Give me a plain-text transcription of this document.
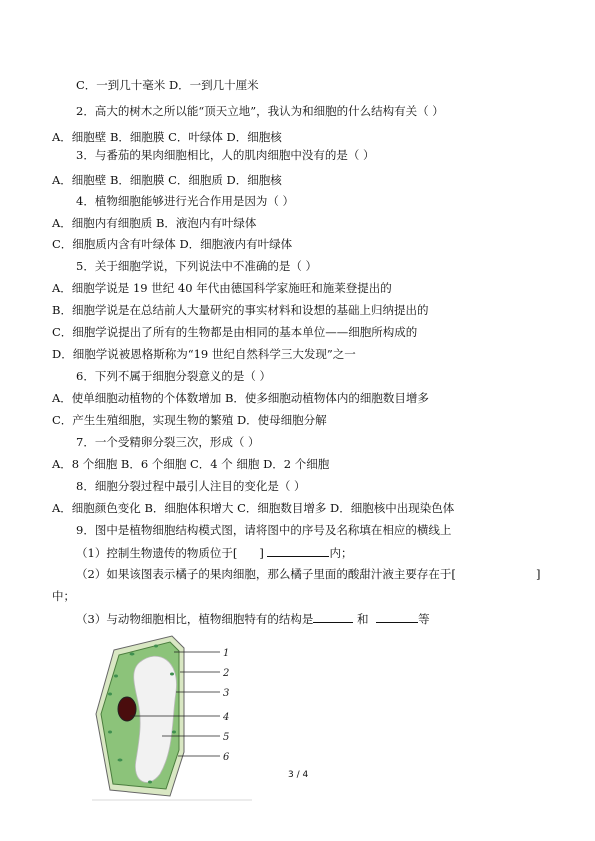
C．一到几十毫米 D．一到几十厘米
2．高大的树木之所以能“顶天立地”，我认为和细胞的什么结构有关（ ）
A．细胞壁 B．细胞膜 C．叶绿体 D．细胞核
3．与番茄的果肉细胞相比，人的肌肉细胞中没有的是（ ）
A．细胞壁 B．细胞膜 C．细胞质 D．细胞核
4．植物细胞能够进行光合作用是因为（ ）
A．细胞内有细胞质 B．液泡内有叶绿体
C．细胞质内含有叶绿体 D．细胞液内有叶绿体
5．关于细胞学说，下列说法中不准确的是（ ）
A．细胞学说是 19 世纪 40 年代由德国科学家施旺和施莱登提出的
B．细胞学说是在总结前人大量研究的事实材料和设想的基础上归纳提出的
C．细胞学说提出了所有的生物都是由相同的基本单位——细胞所构成的
D．细胞学说被恩格斯称为“19 世纪自然科学三大发现”之一
6．下列不属于细胞分裂意义的是（ ）
A．使单细胞动植物的个体数增加 B．使多细胞动植物体内的细胞数目增多
C．产生生殖细胞，实现生物的繁殖 D．使母细胞分解
7．一个受精卵分裂三次，形成（ ）
A．8 个细胞 B．6 个细胞 C．4 个 细胞 D．2 个细胞
8．细胞分裂过程中最引人注目的变化是（ ）
A．细胞颜色变化 B．细胞体积增大 C．细胞数目增多 D．细胞核中出现染色体
9．图中是植物细胞结构模式图，请将图中的序号及名称填在相应的横线上
（1）控制生物遗传的物质位于[ ]	内；
（2）如果该图表示橘子的果肉细胞，那么橘子里面的酸甜汁液主要存在于[	]
中；
（3）与动物细胞相比，植物细胞特有的结构是	和	等
1
2
3
4
5
6
3 / 4
